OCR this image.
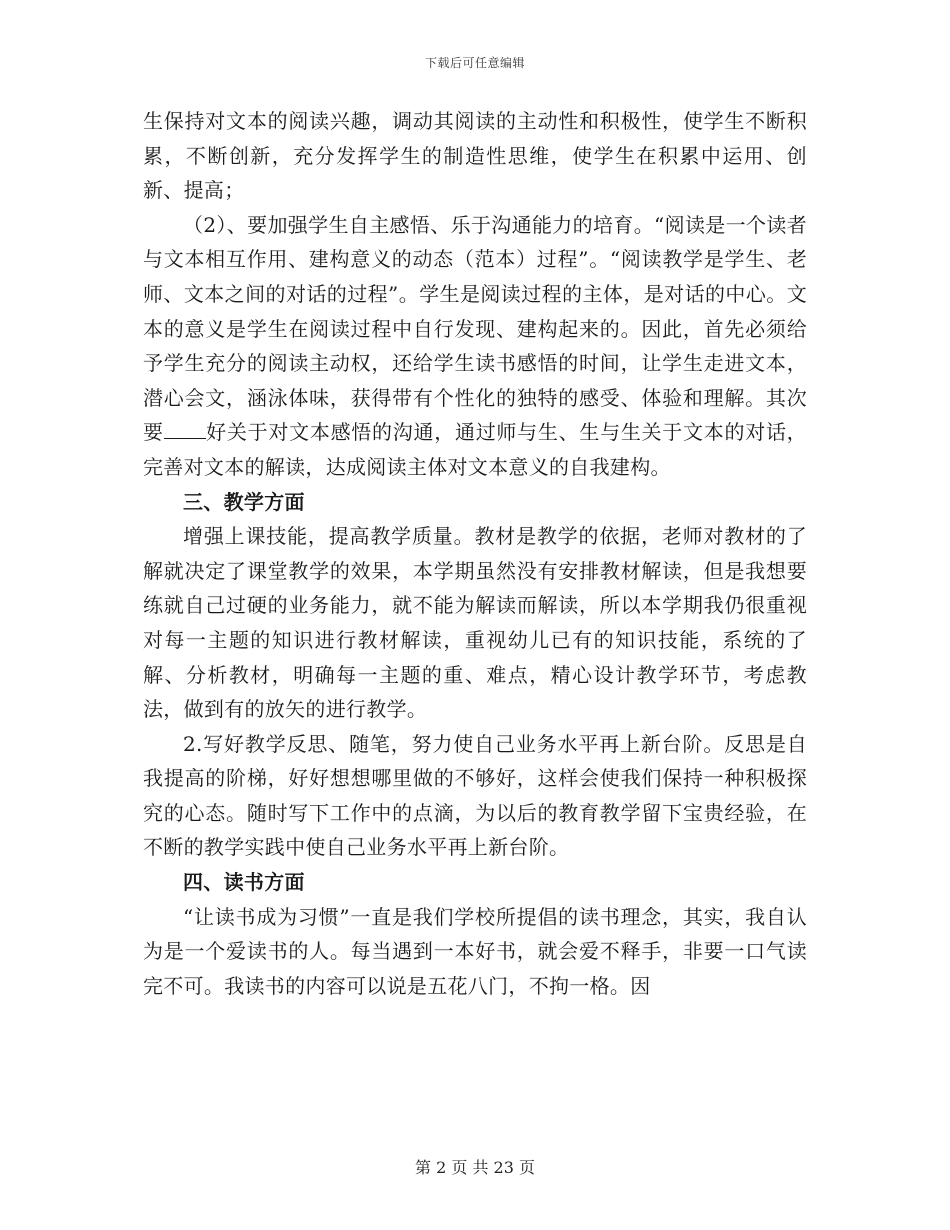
下载后可任意编辑

生保持对文本的阅读兴趣，调动其阅读的主动性和积极性，使学生不断积累，不断创新，充分发挥学生的制造性思维，使学生在积累中运用、创新、提高；

（2）、要加强学生自主感悟、乐于沟通能力的培育。“阅读是一个读者与文本相互作用、建构意义的动态（范本）过程”。“阅读教学是学生、老师、文本之间的对话的过程”。学生是阅读过程的主体，是对话的中心。文本的意义是学生在阅读过程中自行发现、建构起来的。因此，首先必须给予学生充分的阅读主动权，还给学生读书感悟的时间，让学生走进文本，潜心会文，涵泳体味，获得带有个性化的独特的感受、体验和理解。其次要 好关于对文本感悟的沟通，通过师与生、生与生关于文本的对话，完善对文本的解读，达成阅读主体对文本意义的自我建构。

三、教学方面

增强上课技能，提高教学质量。教材是教学的依据，老师对教材的了解就决定了课堂教学的效果，本学期虽然没有安排教材解读，但是我想要练就自己过硬的业务能力，就不能为解读而解读，所以本学期我仍很重视对每一主题的知识进行教材解读，重视幼儿已有的知识技能，系统的了解、分析教材，明确每一主题的重、难点，精心设计教学环节，考虑教法，做到有的放矢的进行教学。

2.写好教学反思、随笔，努力使自己业务水平再上新台阶。反思是自我提高的阶梯，好好想想哪里做的不够好，这样会使我们保持一种积极探究的心态。随时写下工作中的点滴，为以后的教育教学留下宝贵经验，在不断的教学实践中使自己业务水平再上新台阶。

四、读书方面

“让读书成为习惯”一直是我们学校所提倡的读书理念，其实，我自认为是一个爱读书的人。每当遇到一本好书，就会爱不释手，非要一口气读完不可。我读书的内容可以说是五花八门，不拘一格。因

第 2 页 共 23 页
